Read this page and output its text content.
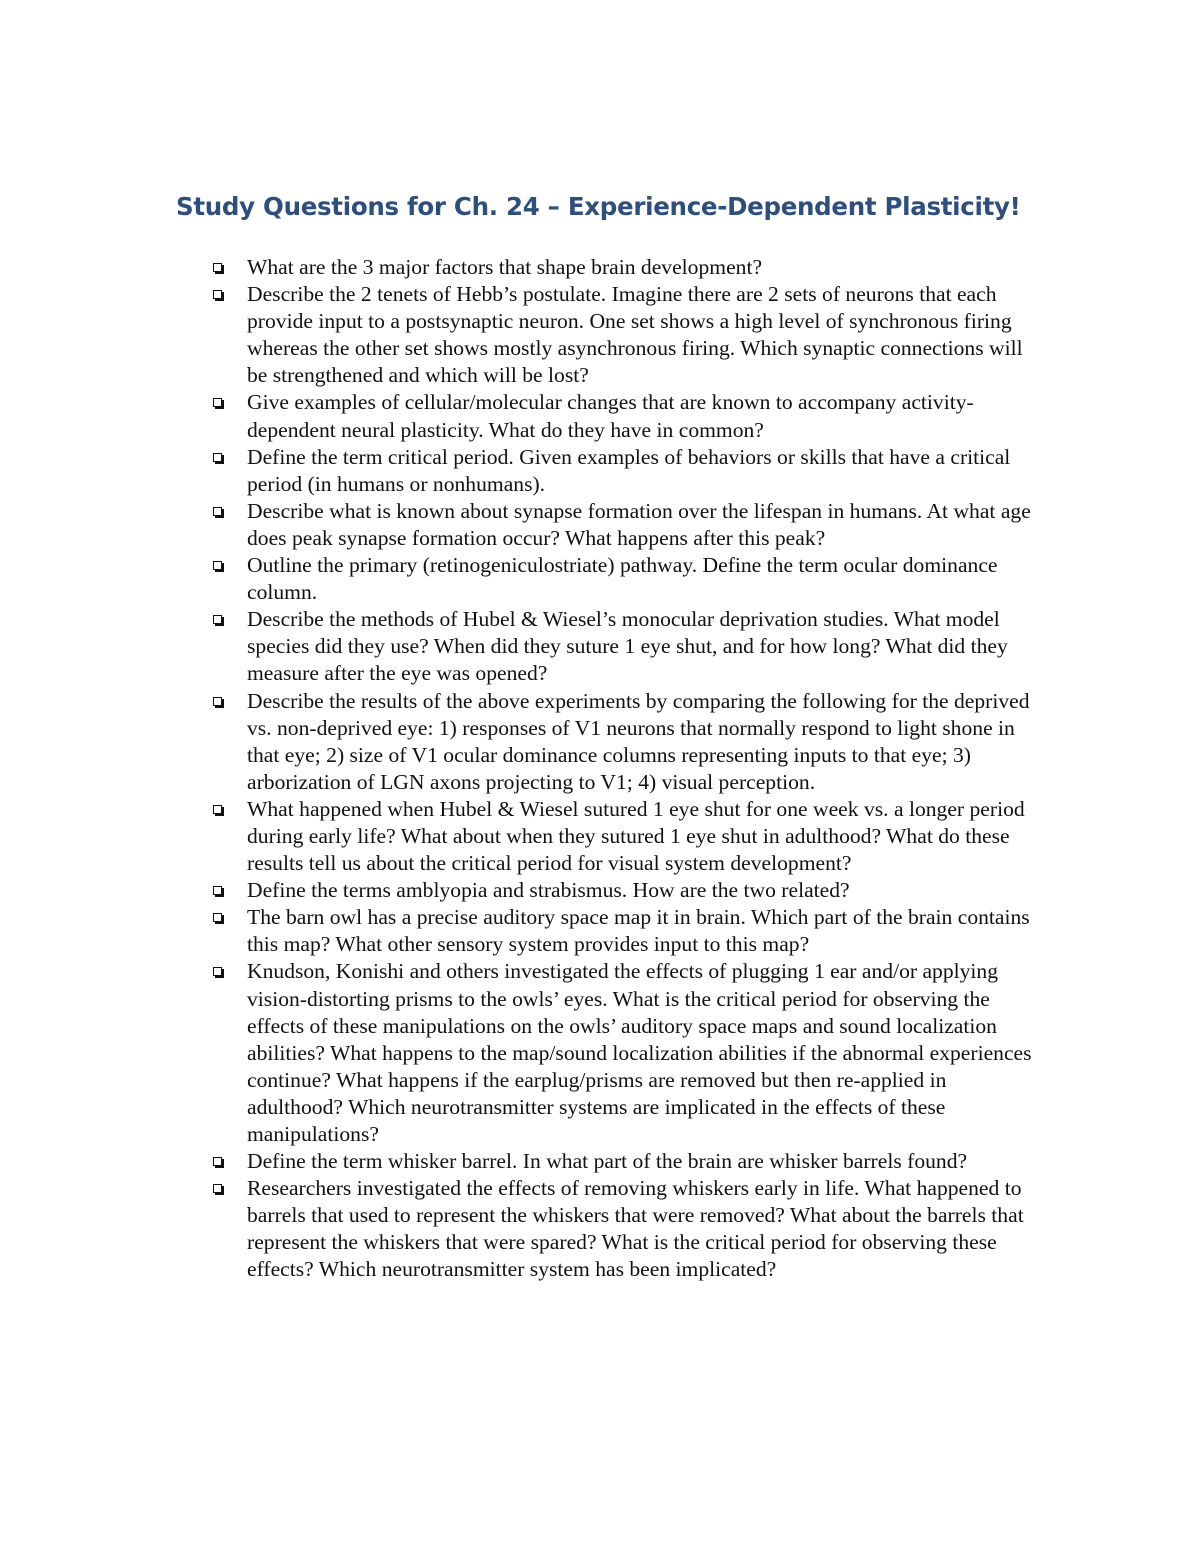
Study Questions for Ch. 24 – Experience-Dependent Plasticity!
What are the 3 major factors that shape brain development?
Describe the 2 tenets of Hebb’s postulate. Imagine there are 2 sets of neurons that each provide input to a postsynaptic neuron. One set shows a high level of synchronous firing whereas the other set shows mostly asynchronous firing. Which synaptic connections will be strengthened and which will be lost?
Give examples of cellular/molecular changes that are known to accompany activity-dependent neural plasticity. What do they have in common?
Define the term critical period. Given examples of behaviors or skills that have a critical period (in humans or nonhumans).
Describe what is known about synapse formation over the lifespan in humans. At what age does peak synapse formation occur? What happens after this peak?
Outline the primary (retinogeniculostriate) pathway. Define the term ocular dominance column.
Describe the methods of Hubel & Wiesel’s monocular deprivation studies. What model species did they use? When did they suture 1 eye shut, and for how long? What did they measure after the eye was opened?
Describe the results of the above experiments by comparing the following for the deprived vs. non-deprived eye: 1) responses of V1 neurons that normally respond to light shone in that eye; 2) size of V1 ocular dominance columns representing inputs to that eye; 3) arborization of LGN axons projecting to V1; 4) visual perception.
What happened when Hubel & Wiesel sutured 1 eye shut for one week vs. a longer period during early life? What about when they sutured 1 eye shut in adulthood? What do these results tell us about the critical period for visual system development?
Define the terms amblyopia and strabismus. How are the two related?
The barn owl has a precise auditory space map it in brain. Which part of the brain contains this map? What other sensory system provides input to this map?
Knudson, Konishi and others investigated the effects of plugging 1 ear and/or applying vision-distorting prisms to the owls’ eyes. What is the critical period for observing the effects of these manipulations on the owls’ auditory space maps and sound localization abilities? What happens to the map/sound localization abilities if the abnormal experiences continue? What happens if the earplug/prisms are removed but then re-applied in adulthood? Which neurotransmitter systems are implicated in the effects of these manipulations?
Define the term whisker barrel. In what part of the brain are whisker barrels found?
Researchers investigated the effects of removing whiskers early in life. What happened to barrels that used to represent the whiskers that were removed? What about the barrels that represent the whiskers that were spared? What is the critical period for observing these effects? Which neurotransmitter system has been implicated?
